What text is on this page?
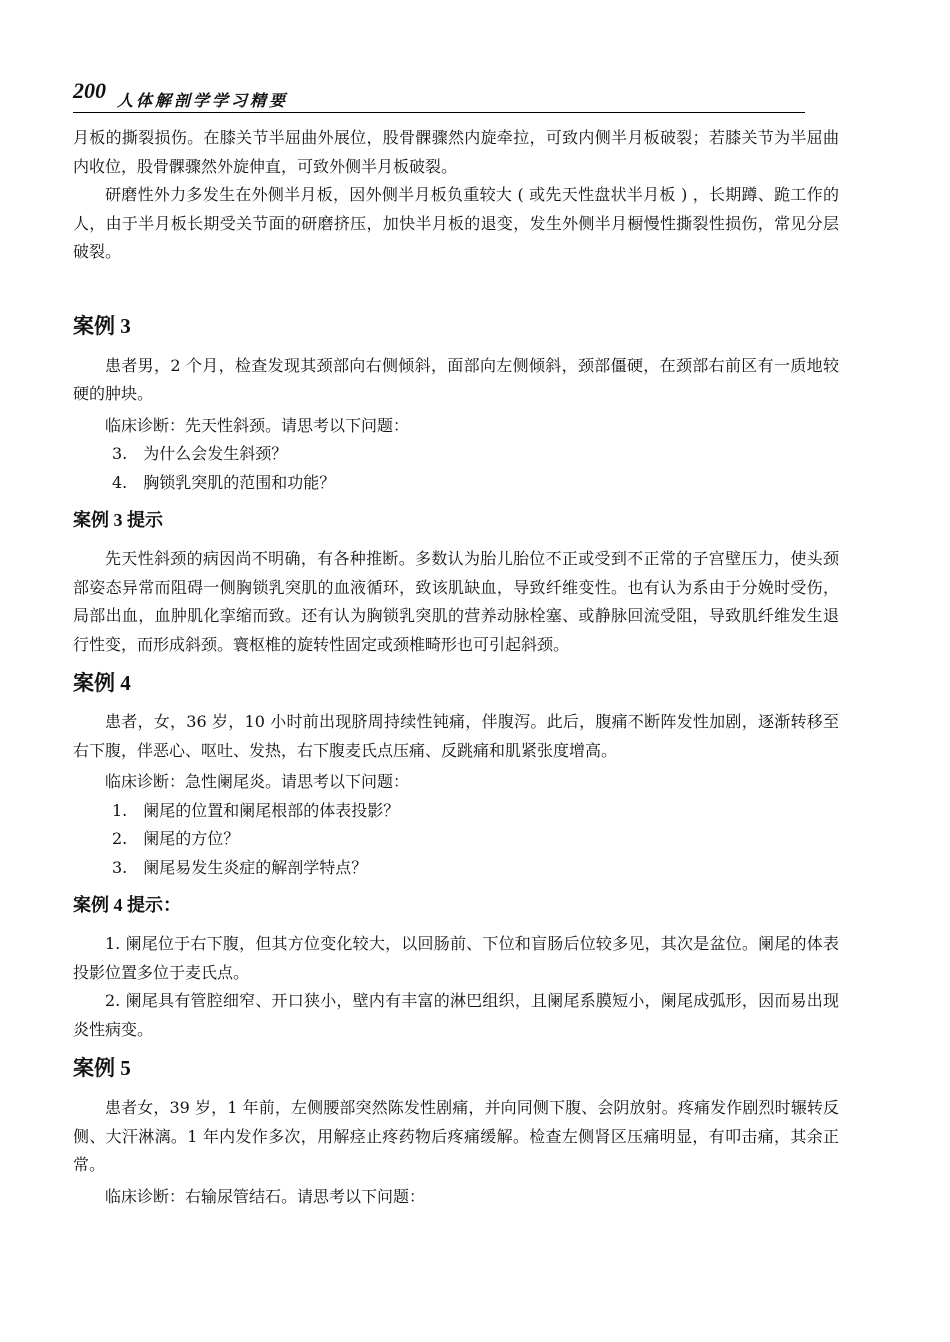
200 人体解剖学学习精要

月板的撕裂损伤。在膝关节半屈曲外展位，股骨髁骤然内旋牵拉，可致内侧半月板破裂；若膝关节为半屈曲内收位，股骨髁骤然外旋伸直，可致外侧半月板破裂。

研磨性外力多发生在外侧半月板，因外侧半月板负重较大 ( 或先天性盘状半月板 ) ，长期蹲、跪工作的人，由于半月板长期受关节面的研磨挤压，加快半月板的退变，发生外侧半月橱慢性撕裂性损伤，常见分层破裂。

案例 3

患者男，2 个月，检查发现其颈部向右侧倾斜，面部向左侧倾斜，颈部僵硬，在颈部右前区有一质地较硬的肿块。

临床诊断：先天性斜颈。请思考以下问题：

3.　为什么会发生斜颈？

4.　胸锁乳突肌的范围和功能？

案例 3 提示

先天性斜颈的病因尚不明确，有各种推断。多数认为胎儿胎位不正或受到不正常的子宫壁压力，使头颈部姿态异常而阻碍一侧胸锁乳突肌的血液循环，致该肌缺血，导致纤维变性。也有认为系由于分娩时受伤，局部出血，血肿肌化挛缩而致。还有认为胸锁乳突肌的营养动脉栓塞、或静脉回流受阻，导致肌纤维发生退行性变，而形成斜颈。寰枢椎的旋转性固定或颈椎畸形也可引起斜颈。

案例 4

患者，女，36 岁，10 小时前出现脐周持续性钝痛，伴腹泻。此后，腹痛不断阵发性加剧，逐渐转移至右下腹，伴恶心、呕吐、发热，右下腹麦氏点压痛、反跳痛和肌紧张度增高。

临床诊断：急性阑尾炎。请思考以下问题：

1.　阑尾的位置和阑尾根部的体表投影？

2.　阑尾的方位？

3.　阑尾易发生炎症的解剖学特点？

案例 4 提示：

1. 阑尾位于右下腹，但其方位变化较大，以回肠前、下位和盲肠后位较多见，其次是盆位。阑尾的体表投影位置多位于麦氏点。

2. 阑尾具有管腔细窄、开口狭小，壁内有丰富的淋巴组织，且阑尾系膜短小，阑尾成弧形，因而易出现炎性病变。

案例 5

患者女，39 岁，1 年前，左侧腰部突然陈发性剧痛，并向同侧下腹、会阴放射。疼痛发作剧烈时辗转反侧、大汗淋漓。1 年内发作多次，用解痉止疼药物后疼痛缓解。检查左侧肾区压痛明显，有叩击痛，其余正常。

临床诊断：右输尿管结石。请思考以下问题：
